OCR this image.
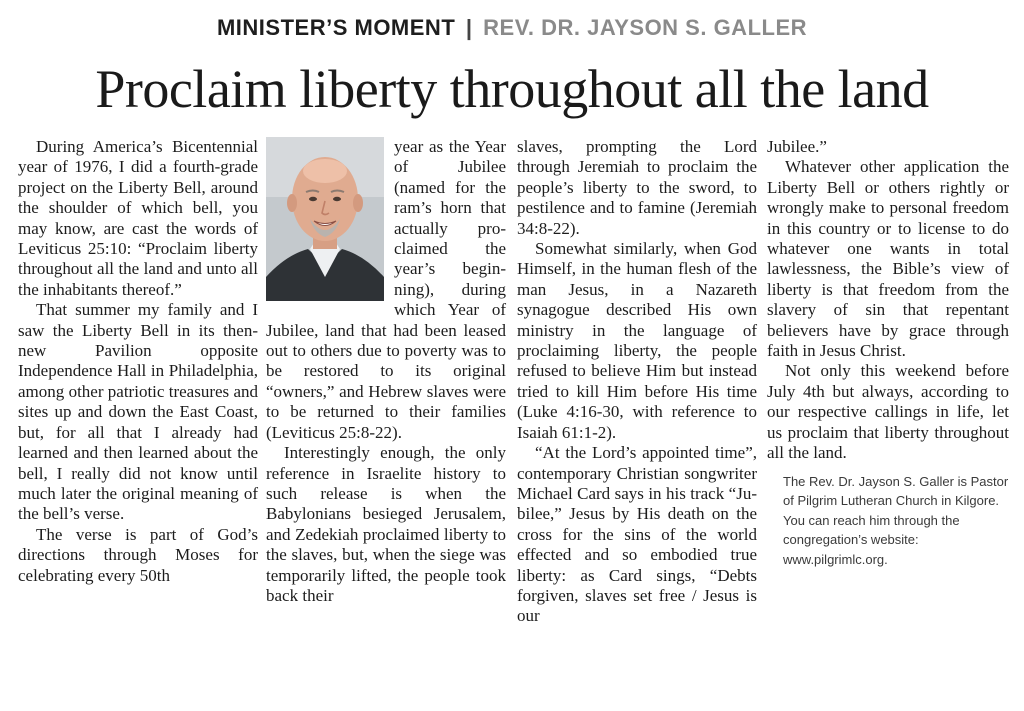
MINISTER’S MOMENT | REV. DR. JAYSON S. GALLER
Proclaim liberty throughout all the land

During America’s Bicentennial year of 1976, I did a fourth-grade project on the Liberty Bell, around the shoulder of which bell, you may know, are cast the words of Leviticus 25:10: “Proclaim liberty throughout all the land and unto all the inhabitants thereof.”

That summer my family and I saw the Liberty Bell in its then-new Pavilion opposite Independence Hall in Philadelphia, among other patriotic treasures and sites up and down the East Coast, but, for all that I already had learned and then learned about the bell, I really did not know until much later the original meaning of the bell’s verse.

The verse is part of God’s directions through Moses for celebrating every 50th

year as the Year of Jubilee (named for the ram’s horn that actually proclaimed the year’s beginning), during which Year of Jubilee, land that had been leased out to others due to poverty was to be restored to its original “owners,” and Hebrew slaves were to be returned to their families (Leviticus 25:8-22).

Interestingly enough, the only reference in Israelite history to such release is when the Babylonians besieged Jerusalem, and Zedekiah proclaimed liberty to the slaves, but, when the siege was temporarily lifted, the people took back their

slaves, prompting the Lord through Jeremiah to proclaim the people’s liberty to the sword, to pestilence and to famine (Jeremiah 34:8-22).

Somewhat similarly, when God Himself, in the human flesh of the man Jesus, in a Nazareth synagogue described His own ministry in the language of proclaiming liberty, the people refused to believe Him but instead tried to kill Him before His time (Luke 4:16-30, with reference to Isaiah 61:1-2).

“At the Lord’s appointed time”, contemporary Christian songwriter Michael Card says in his track “Jubilee,” Jesus by His death on the cross for the sins of the world effected and so embodied true liberty: as Card sings, “Debts forgiven, slaves set free / Jesus is our

Jubilee.”

Whatever other application the Liberty Bell or others rightly or wrongly make to personal freedom in this country or to license to do whatever one wants in total lawlessness, the Bible’s view of liberty is that freedom from the slavery of sin that repentant believers have by grace through faith in Jesus Christ.

Not only this weekend before July 4th but always, according to our respective callings in life, let us proclaim that liberty throughout all the land.

The Rev. Dr. Jayson S. Galler is Pastor of Pilgrim Lutheran Church in Kilgore. You can reach him through the congregation’s website: www.pilgrimlc.org.
